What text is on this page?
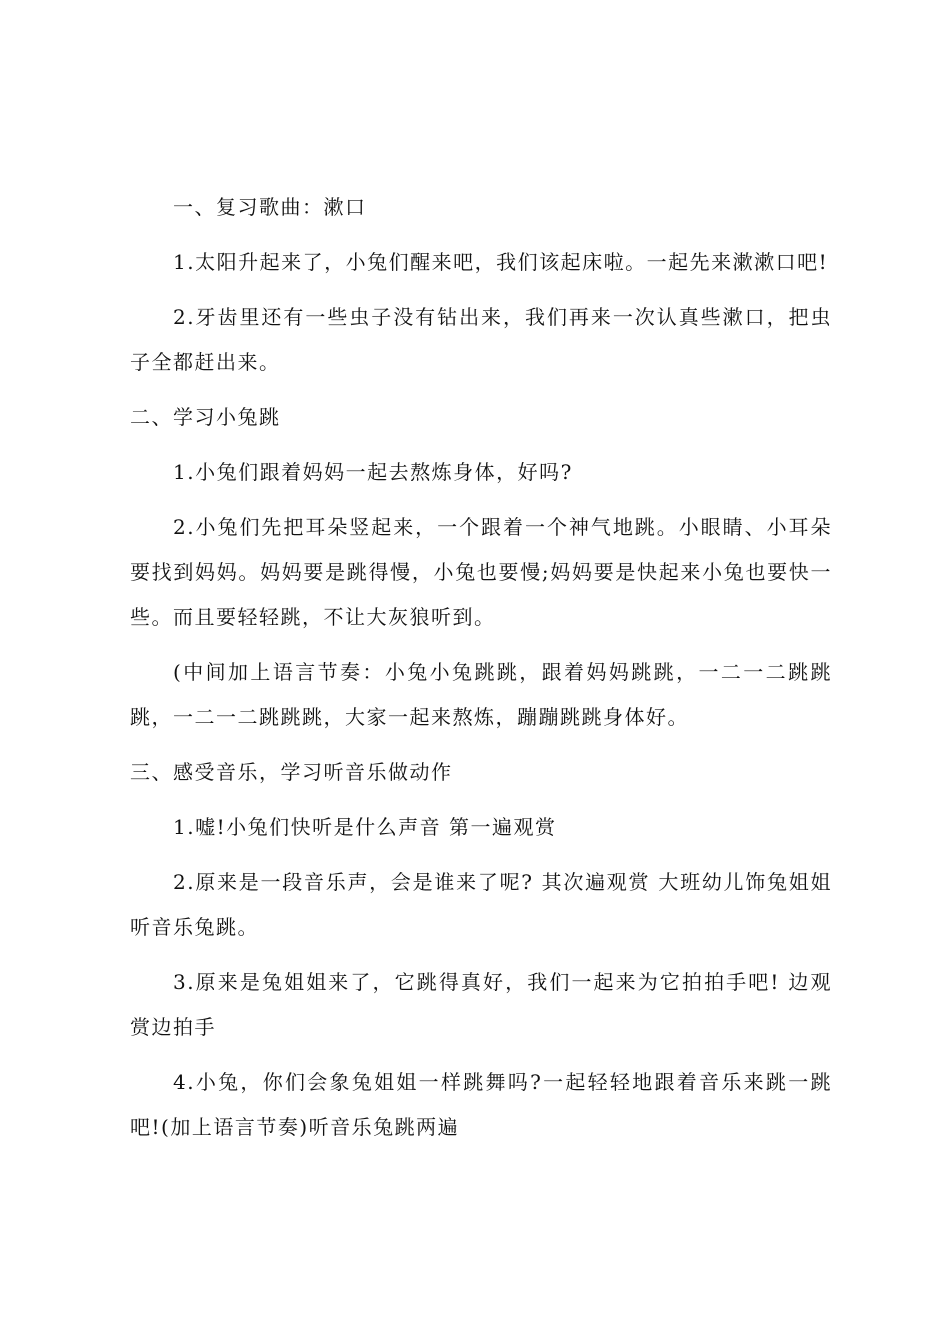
一、复习歌曲：漱口

1.太阳升起来了，小兔们醒来吧，我们该起床啦。一起先来漱漱口吧!

2.牙齿里还有一些虫子没有钻出来，我们再来一次认真些漱口，把虫子全都赶出来。

二、学习小兔跳

1.小兔们跟着妈妈一起去熬炼身体，好吗?

2.小兔们先把耳朵竖起来，一个跟着一个神气地跳。小眼睛、小耳朵要找到妈妈。妈妈要是跳得慢，小兔也要慢;妈妈要是快起来小兔也要快一些。而且要轻轻跳，不让大灰狼听到。

(中间加上语言节奏：小兔小兔跳跳，跟着妈妈跳跳，一二一二跳跳跳，一二一二跳跳跳，大家一起来熬炼，蹦蹦跳跳身体好。

三、感受音乐，学习听音乐做动作

1.嘘!小兔们快听是什么声音 第一遍观赏

2.原来是一段音乐声，会是谁来了呢? 其次遍观赏 大班幼儿饰兔姐姐听音乐兔跳。

3.原来是兔姐姐来了，它跳得真好，我们一起来为它拍拍手吧! 边观赏边拍手

4.小兔，你们会象兔姐姐一样跳舞吗?一起轻轻地跟着音乐来跳一跳吧!(加上语言节奏)听音乐兔跳两遍
